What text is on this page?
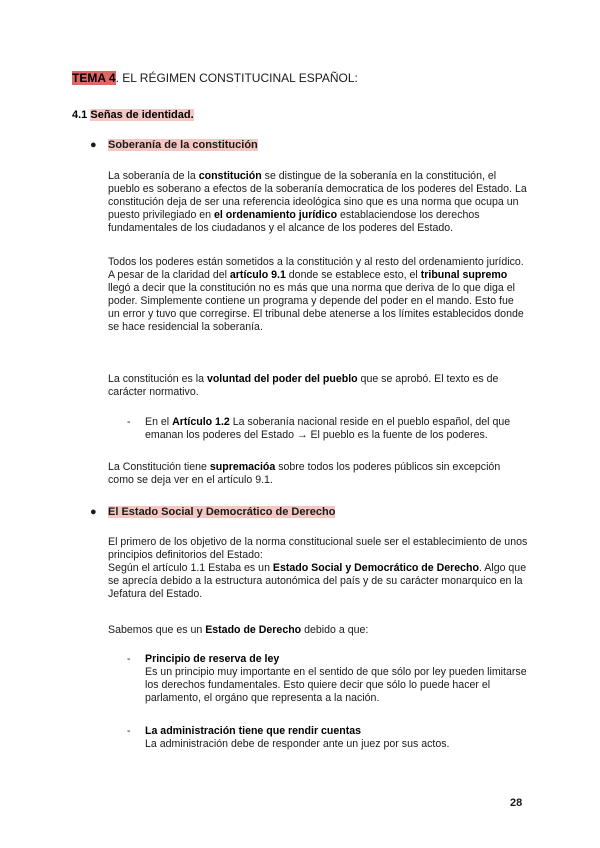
TEMA 4. EL RÉGIMEN CONSTITUCINAL ESPAÑOL:
4.1 Señas de identidad.
● Soberanía de la constitución

La soberanía de la constitución se distingue de la soberanía en la constitución, el pueblo es soberano a efectos de la soberanía democratica de los poderes del Estado. La constitución deja de ser una referencia ideológica sino que es una norma que ocupa un puesto privilegiado en el ordenamiento jurídico establaciendose los derechos fundamentales de los ciudadanos y el alcance de los poderes del Estado.

Todos los poderes están sometidos a la constitución y al resto del ordenamiento jurídico.

A pesar de la claridad del artículo 9.1 donde se establece esto, el tribunal supremo llegó a decir que la constitución no es más que una norma que deriva de lo que diga el poder. Simplemente contiene un programa y depende del poder en el mando. Esto fue un error y tuvo que corregirse. El tribunal debe atenerse a los límites establecidos donde se hace residencial la soberanía.

La constitución es la voluntad del poder del pueblo que se aprobó. El texto es de carácter normativo.

- En el Artículo 1.2 La soberanía nacional reside en el pueblo español, del que emanan los poderes del Estado → El pueblo es la fuente de los poderes.

La Constitución tiene supremacióa sobre todos los poderes públicos sin excepción como se deja ver en el artículo 9.1.

● El Estado Social y Democrático de Derecho

El primero de los objetivo de la norma constitucional suele ser el establecimiento de unos principios definitorios del Estado:

Según el artículo 1.1 Estaba es un Estado Social y Democrático de Derecho. Algo que se aprecía debido a la estructura autonómica del país y de su carácter monarquico en la Jefatura del Estado.

Sabemos que es un Estado de Derecho debido a que:

- Principio de reserva de ley
Es un principio muy importante en el sentido de que sólo por ley pueden limitarse los derechos fundamentales. Esto quiere decir que sólo lo puede hacer el parlamento, el orgáno que representa a la nación.
- La administración tiene que rendir cuentas
La administración debe de responder ante un juez por sus actos.
28
